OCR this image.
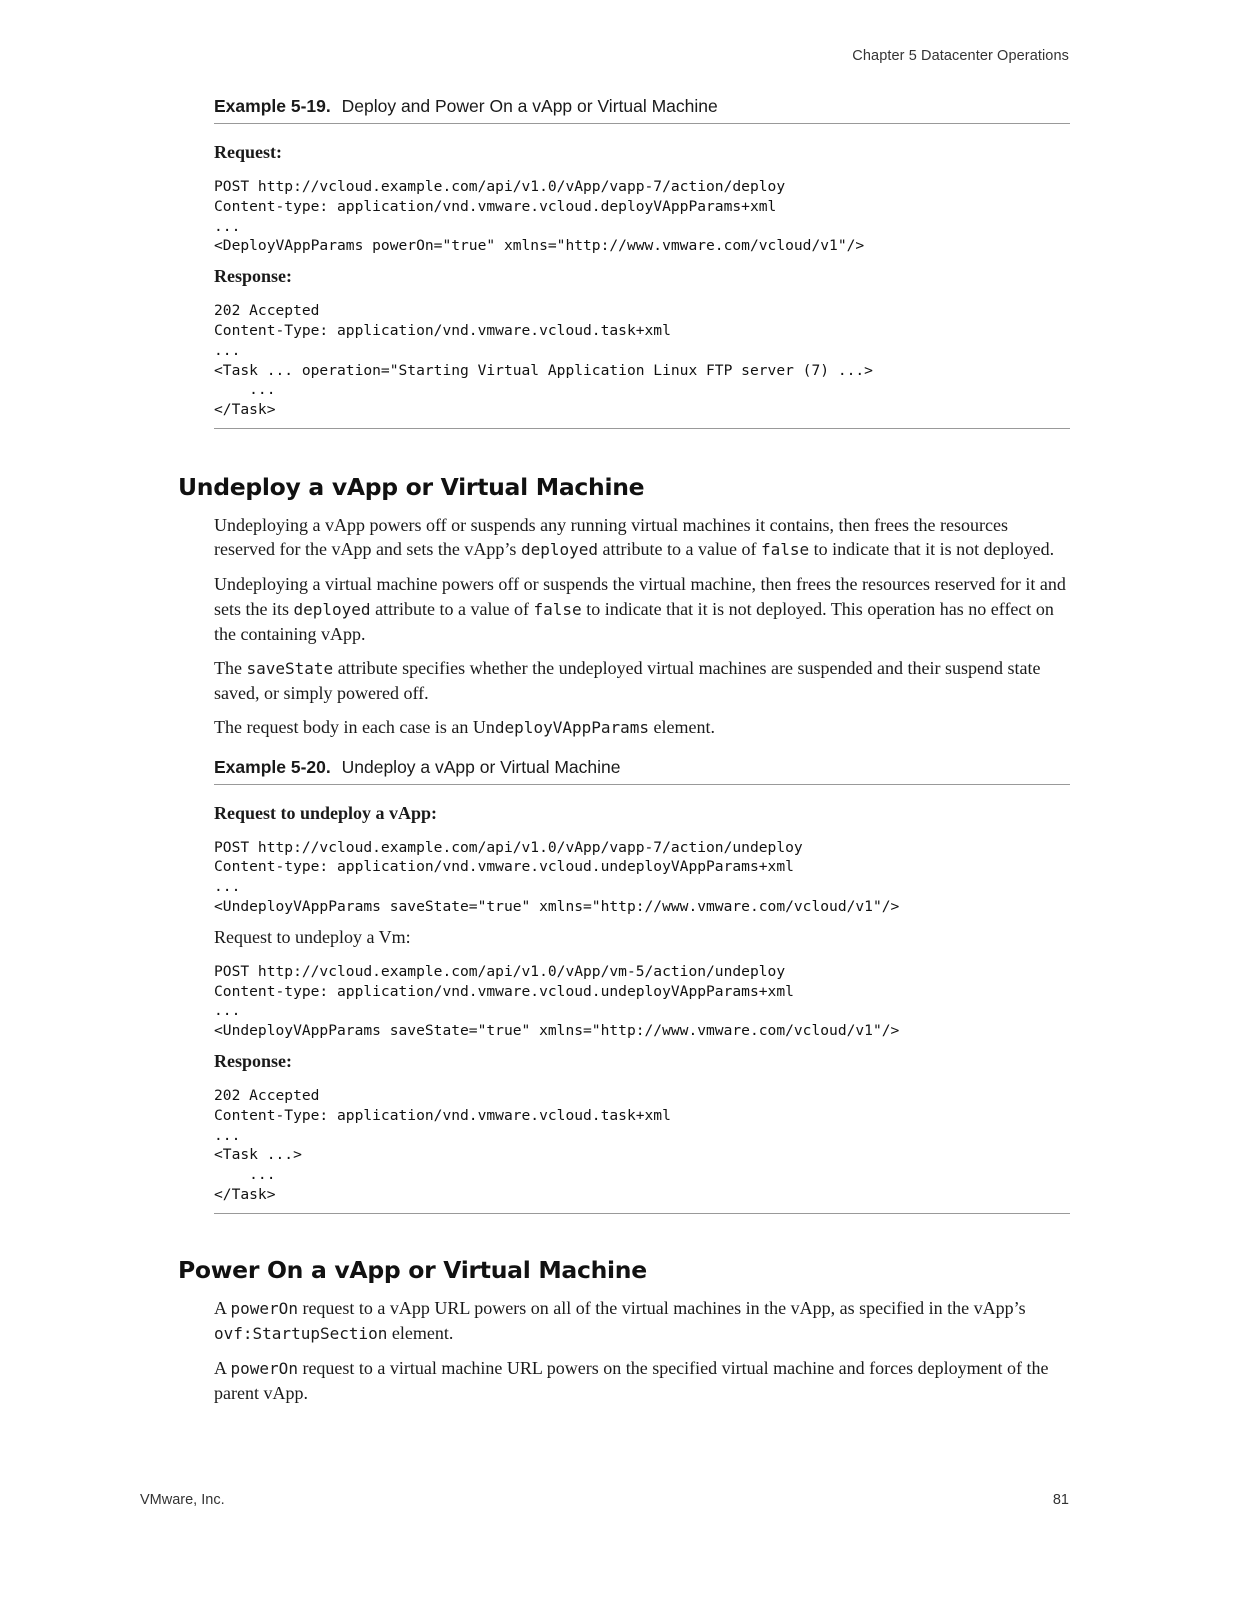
Chapter 5 Datacenter Operations
Example 5-19. Deploy and Power On a vApp or Virtual Machine
Request:
POST http://vcloud.example.com/api/v1.0/vApp/vapp-7/action/deploy
Content-type: application/vnd.vmware.vcloud.deployVAppParams+xml
...
<DeployVAppParams powerOn="true" xmlns="http://www.vmware.com/vcloud/v1"/>
Response:
202 Accepted
Content-Type: application/vnd.vmware.vcloud.task+xml
...
<Task ... operation="Starting Virtual Application Linux FTP server (7) ...>
...
</Task>
Undeploy a vApp or Virtual Machine

Undeploying a vApp powers off or suspends any running virtual machines it contains, then frees the resources reserved for the vApp and sets the vApp’s deployed attribute to a value of false to indicate that it is not deployed.

Undeploying a virtual machine powers off or suspends the virtual machine, then frees the resources reserved for it and sets the its deployed attribute to a value of false to indicate that it is not deployed. This operation has no effect on the containing vApp.

The saveState attribute specifies whether the undeployed virtual machines are suspended and their suspend state saved, or simply powered off.

The request body in each case is an UndeployVAppParams element.

Example 5-20. Undeploy a vApp or Virtual Machine
Request to undeploy a vApp:
POST http://vcloud.example.com/api/v1.0/vApp/vapp-7/action/undeploy
Content-type: application/vnd.vmware.vcloud.undeployVAppParams+xml
...
<UndeployVAppParams saveState="true" xmlns="http://www.vmware.com/vcloud/v1"/>
Request to undeploy a Vm:
POST http://vcloud.example.com/api/v1.0/vApp/vm-5/action/undeploy
Content-type: application/vnd.vmware.vcloud.undeployVAppParams+xml
...
<UndeployVAppParams saveState="true" xmlns="http://www.vmware.com/vcloud/v1"/>
Response:
202 Accepted
Content-Type: application/vnd.vmware.vcloud.task+xml
...
<Task ...>
...
</Task>
Power On a vApp or Virtual Machine

A powerOn request to a vApp URL powers on all of the virtual machines in the vApp, as specified in the vApp’s ovf:StartupSection element.

A powerOn request to a virtual machine URL powers on the specified virtual machine and forces deployment of the parent vApp.

VMware, Inc.	81
